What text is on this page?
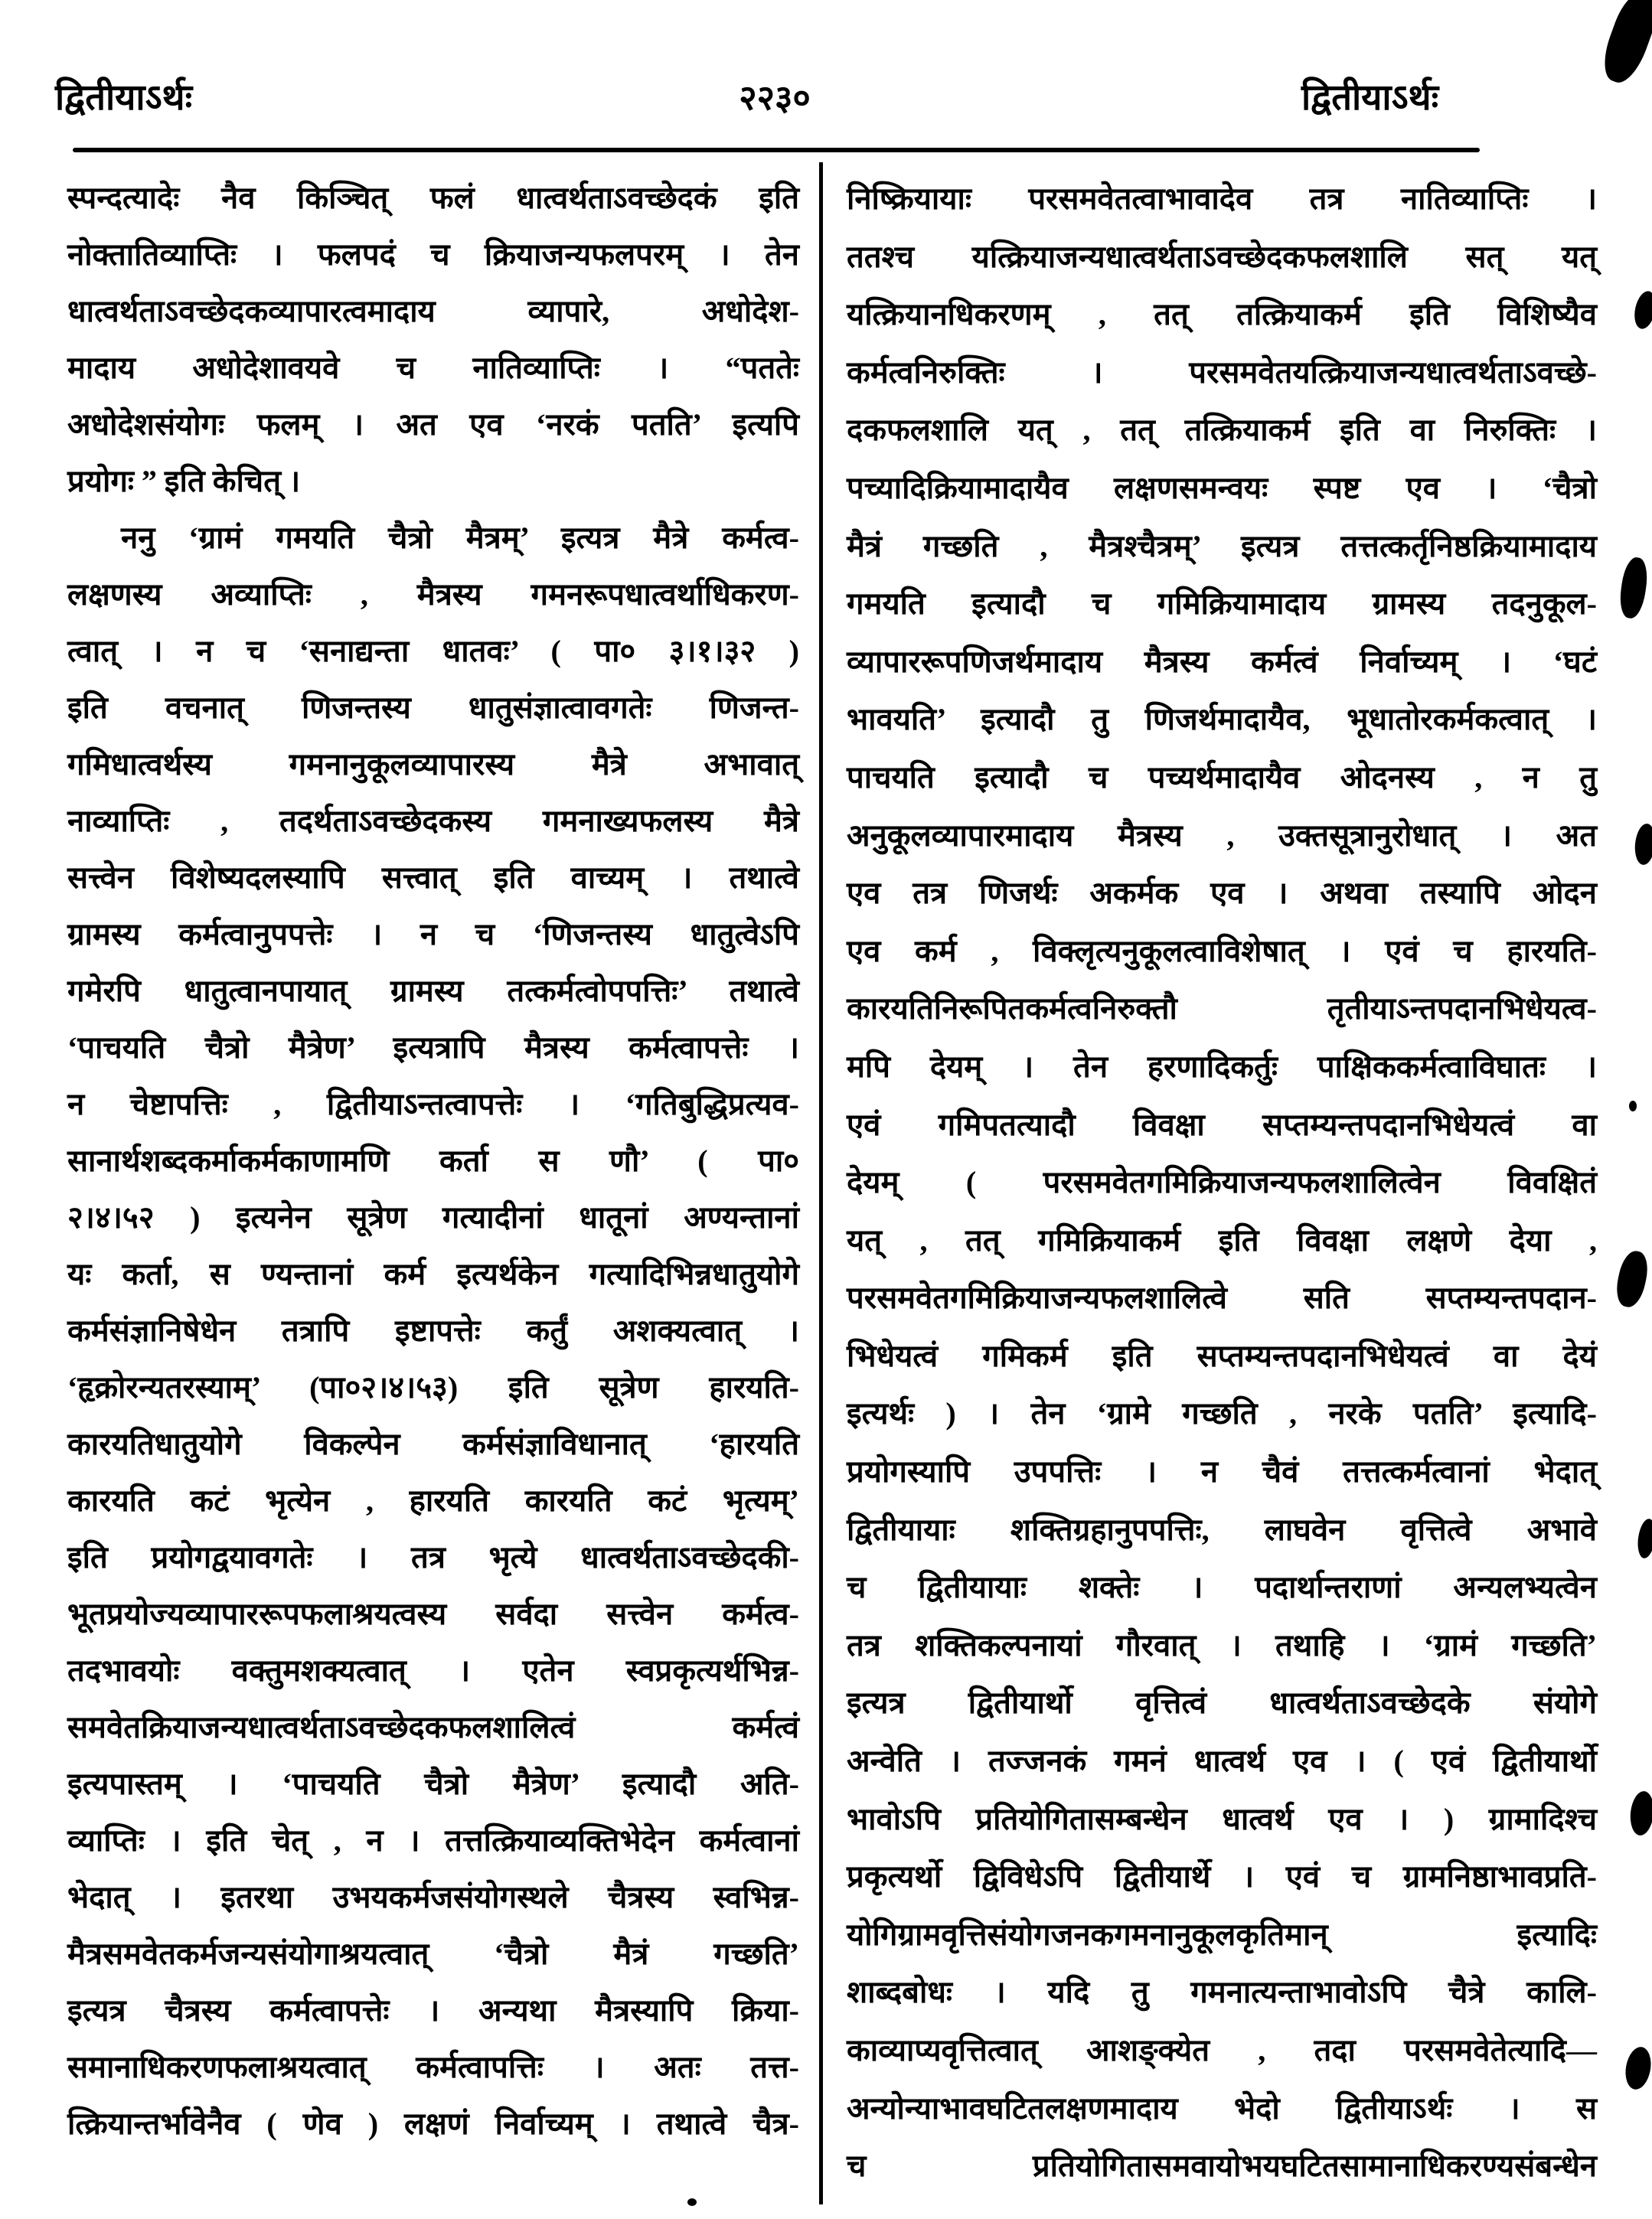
द्वितीयाऽर्थः	२२३०	द्वितीयाऽर्थः
स्पन्दत्यादेः नैव किञ्चित् फलं धात्वर्थताऽवच्छेदकं इति
नोक्तातिव्याप्तिः । फलपदं च क्रियाजन्यफलपरम् । तेन
धात्वर्थताऽवच्छेदकव्यापारत्वमादाय व्यापारे, अधोदेश-
मादाय अधोदेशावयवे च नातिव्याप्तिः । “पततेः
अधोदेशसंयोगः फलम् । अत एव ‘नरकं पतति’ इत्यपि
प्रयोगः ” इति केचित् ।
ननु ‘ग्रामं गमयति चैत्रो मैत्रम्’ इत्यत्र मैत्रे कर्मत्व-
लक्षणस्य अव्याप्तिः , मैत्रस्य गमनरूपधात्वर्थाधिकरण-
त्वात् । न च ‘सनाद्यन्ता धातवः’ ( पा० ३।१।३२ )
इति वचनात् णिजन्तस्य धातुसंज्ञात्वावगतेः णिजन्त-
गमिधात्वर्थस्य गमनानुकूलव्यापारस्य मैत्रे अभावात्
नाव्याप्तिः , तदर्थताऽवच्छेदकस्य गमनाख्यफलस्य मैत्रे
सत्त्वेन विशेष्यदलस्यापि सत्त्वात् इति वाच्यम् । तथात्वे
ग्रामस्य कर्मत्वानुपपत्तेः । न च ‘णिजन्तस्य धातुत्वेऽपि
गमेरपि धातुत्वानपायात् ग्रामस्य तत्कर्मत्वोपपत्तिः’ तथात्वे
‘पाचयति चैत्रो मैत्रेण’ इत्यत्रापि मैत्रस्य कर्मत्वापत्तेः ।
न चेष्टापत्तिः , द्वितीयाऽन्तत्वापत्तेः । ‘गतिबुद्धिप्रत्यव-
सानार्थशब्दकर्माकर्मकाणामणि कर्ता स णौ’ ( पा०
२।४।५२ ) इत्यनेन सूत्रेण गत्यादीनां धातूनां अण्यन्तानां
यः कर्ता, स ण्यन्तानां कर्म इत्यर्थकेन गत्यादिभिन्नधातुयोगे
कर्मसंज्ञानिषेधेन तत्रापि इष्टापत्तेः कर्तुं अशक्यत्वात् ।
‘हृक्रोरन्यतरस्याम्’ (पा०२।४।५३) इति सूत्रेण हारयति-
कारयतिधातुयोगे विकल्पेन कर्मसंज्ञाविधानात् ‘हारयति
कारयति कटं भृत्येन , हारयति कारयति कटं भृत्यम्’
इति प्रयोगद्वयावगतेः । तत्र भृत्ये धात्वर्थताऽवच्छेदकी-
भूतप्रयोज्यव्यापाररूपफलाश्रयत्वस्य सर्वदा सत्त्वेन कर्मत्व-
तदभावयोः वक्तुमशक्यत्वात् । एतेन स्वप्रकृत्यर्थभिन्न-
समवेतक्रियाजन्यधात्वर्थताऽवच्छेदकफलशालित्वं कर्मत्वं
इत्यपास्तम् । ‘पाचयति चैत्रो मैत्रेण’ इत्यादौ अति-
व्याप्तिः । इति चेत् , न । तत्तत्क्रियाव्यक्तिभेदेन कर्मत्वानां
भेदात् । इतरथा उभयकर्मजसंयोगस्थले चैत्रस्य स्वभिन्न-
मैत्रसमवेतकर्मजन्यसंयोगाश्रयत्वात् ‘चैत्रो मैत्रं गच्छति’
इत्यत्र चैत्रस्य कर्मत्वापत्तेः । अन्यथा मैत्रस्यापि क्रिया-
समानाधिकरणफलाश्रयत्वात् कर्मत्वापत्तिः । अतः तत्त-
त्क्रियान्तर्भावेनैव ( णेव ) लक्षणं निर्वाच्यम् । तथात्वे चैत्र-
निष्क्रियायाः परसमवेतत्वाभावादेव तत्र नातिव्याप्तिः ।
ततश्च यत्क्रियाजन्यधात्वर्थताऽवच्छेदकफलशालि सत् यत्
यत्क्रियानधिकरणम् , तत् तत्क्रियाकर्म इति विशिष्यैव
कर्मत्वनिरुक्तिः । परसमवेतयत्क्रियाजन्यधात्वर्थताऽवच्छे-
दकफलशालि यत् , तत् तत्क्रियाकर्म इति वा निरुक्तिः ।
पच्यादिक्रियामादायैव लक्षणसमन्वयः स्पष्ट एव । ‘चैत्रो
मैत्रं गच्छति , मैत्रश्चैत्रम्’ इत्यत्र तत्तत्कर्तृनिष्ठक्रियामादाय
गमयति इत्यादौ च गमिक्रियामादाय ग्रामस्य तदनुकूल-
व्यापाररूपणिजर्थमादाय मैत्रस्य कर्मत्वं निर्वाच्यम् । ‘घटं
भावयति’ इत्यादौ तु णिजर्थमादायैव, भूधातोरकर्मकत्वात् ।
पाचयति इत्यादौ च पच्यर्थमादायैव ओदनस्य , न तु
अनुकूलव्यापारमादाय मैत्रस्य , उक्तसूत्रानुरोधात् । अत
एव तत्र णिजर्थः अकर्मक एव । अथवा तस्यापि ओदन
एव कर्म , विक्लृत्यनुकूलत्वाविशेषात् । एवं च हारयति-
कारयतिनिरूपितकर्मत्वनिरुक्तौ तृतीयाऽन्तपदानभिधेयत्व-
मपि देयम् । तेन हरणादिकर्तुः पाक्षिककर्मत्वाविघातः ।
एवं गमिपतत्यादौ विवक्षा सप्तम्यन्तपदानभिधेयत्वं वा
देयम् ( परसमवेतगमिक्रियाजन्यफलशालित्वेन विवक्षितं
यत् , तत् गमिक्रियाकर्म इति विवक्षा लक्षणे देया ,
परसमवेतगमिक्रियाजन्यफलशालित्वे सति सप्तम्यन्तपदान-
भिधेयत्वं गमिकर्म इति सप्तम्यन्तपदानभिधेयत्वं वा देयं
इत्यर्थः ) । तेन ‘ग्रामे गच्छति , नरके पतति’ इत्यादि-
प्रयोगस्यापि उपपत्तिः । न चैवं तत्तत्कर्मत्वानां भेदात्
द्वितीयायाः शक्तिग्रहानुपपत्तिः, लाघवेन वृत्तित्वे अभावे
च द्वितीयायाः शक्तेः । पदार्थान्तराणां अन्यलभ्यत्वेन
तत्र शक्तिकल्पनायां गौरवात् । तथाहि । ‘ग्रामं गच्छति’
इत्यत्र द्वितीयार्थो वृत्तित्वं धात्वर्थताऽवच्छेदके संयोगे
अन्वेति । तज्जनकं गमनं धात्वर्थ एव । ( एवं द्वितीयार्थो
भावोऽपि प्रतियोगितासम्बन्धेन धात्वर्थ एव । ) ग्रामादिश्च
प्रकृत्यर्थो द्विविधेऽपि द्वितीयार्थे । एवं च ग्रामनिष्ठाभावप्रति-
योगिग्रामवृत्तिसंयोगजनकगमनानुकूलकृतिमान् इत्यादिः
शाब्दबोधः । यदि तु गमनात्यन्ताभावोऽपि चैत्रे कालि-
काव्याप्यवृत्तित्वात् आशङ्क्येत , तदा परसमवेतेत्यादि—
अन्योन्याभावघटितलक्षणमादाय भेदो द्वितीयाऽर्थः । स
च प्रतियोगितासमवायोभयघटितसामानाधिकरण्यसंबन्धेन
